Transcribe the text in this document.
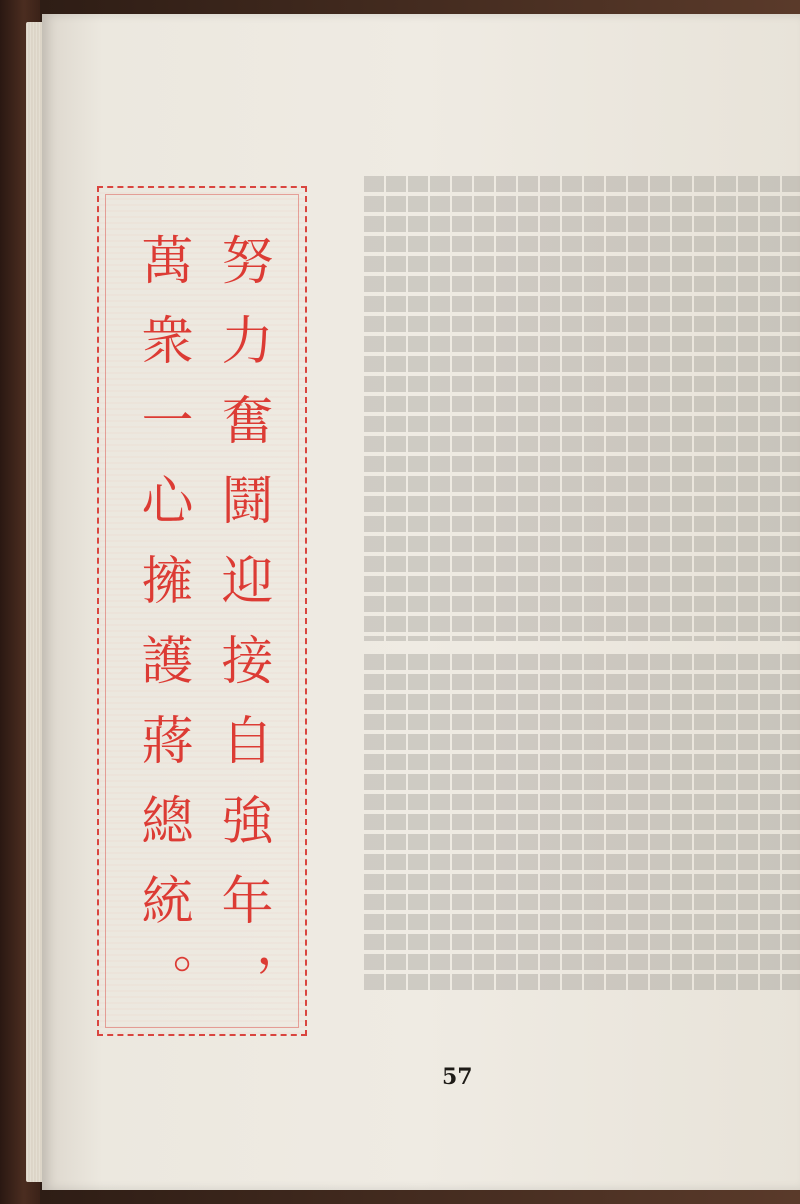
努力奮鬪迎接自強年，
萬衆一心擁護蔣總統。
57
